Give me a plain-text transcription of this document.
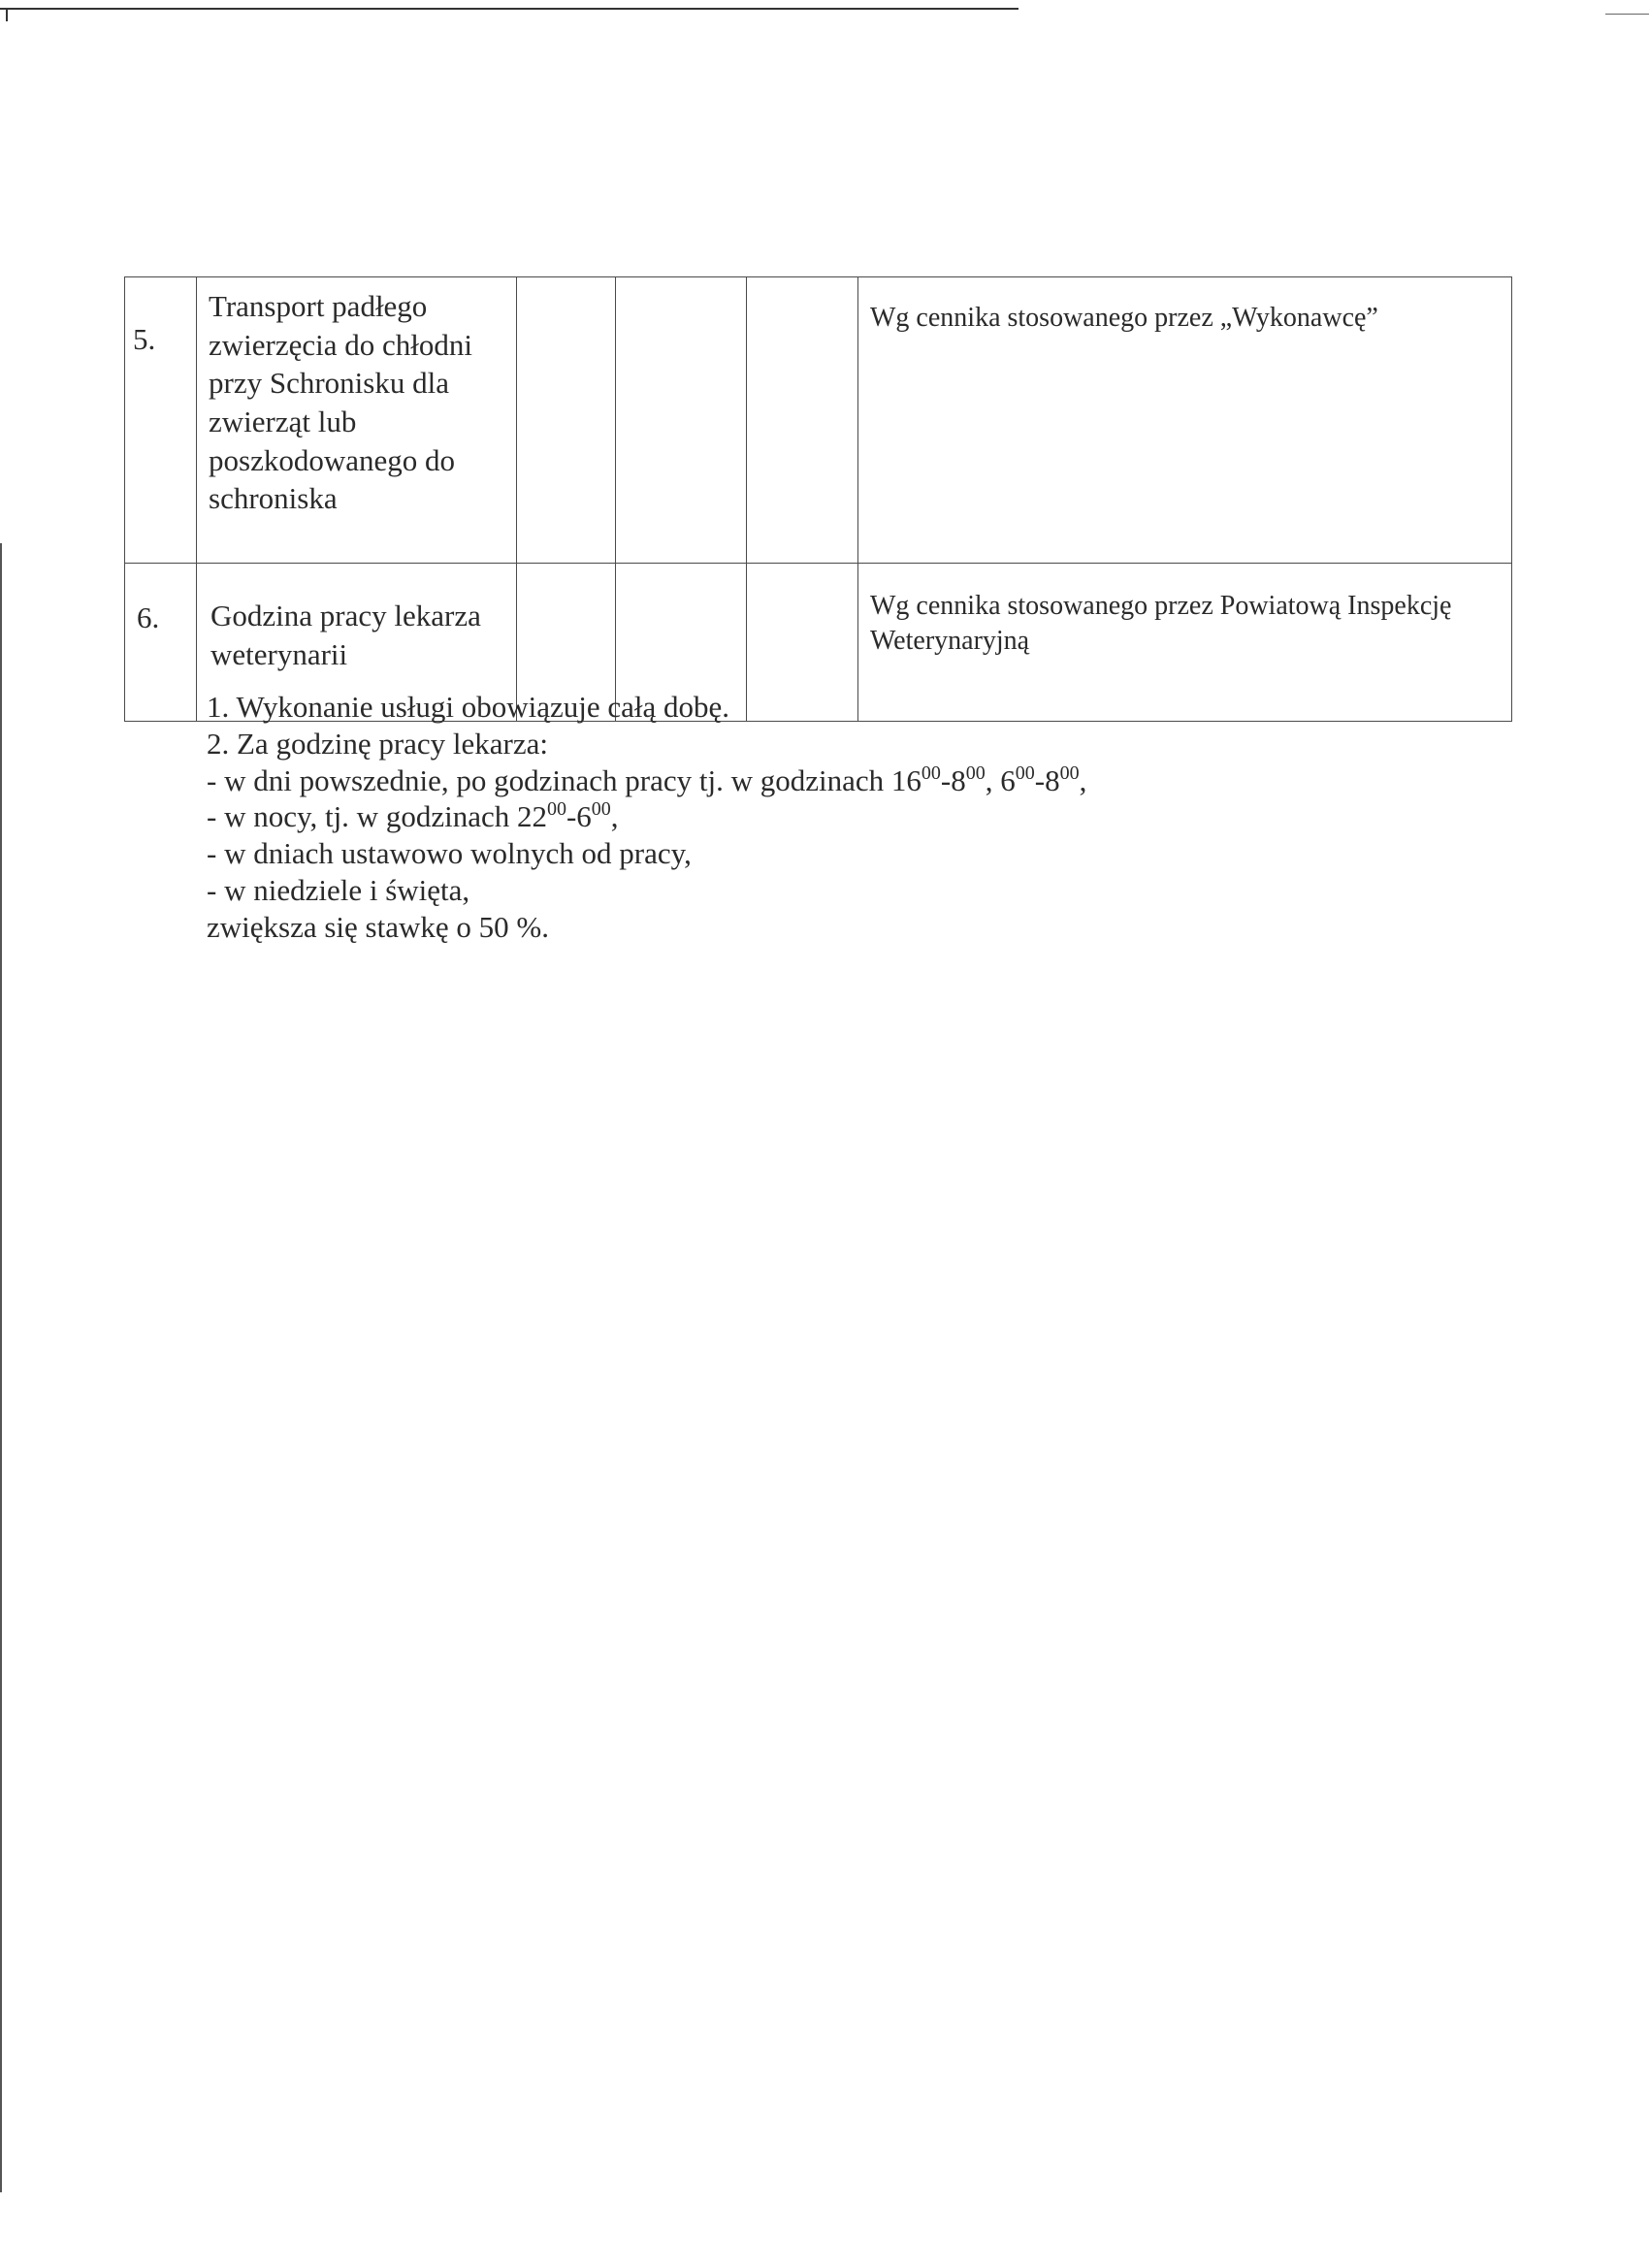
5.	Transport padłego zwierzęcia do chłodni przy Schronisku dla zwierząt lub poszkodowanego do schroniska				Wg cennika stosowanego przez „Wykonawcę”
6.	Godzina pracy lekarza weterynarii				Wg cennika stosowanego przez Powiatową Inspekcję Weterynaryjną

1. Wykonanie usługi obowiązuje całą dobę.

2. Za godzinę pracy lekarza:

- w dni powszednie, po godzinach pracy tj. w godzinach $16^{00}-8^{00}$, $6^{00}-8^{00}$,

- w nocy, tj. w godzinach $22^{00}-6^{00}$,

- w dniach ustawowo wolnych od pracy,

- w niedziele i święta,

zwiększa się stawkę o 50 %.
